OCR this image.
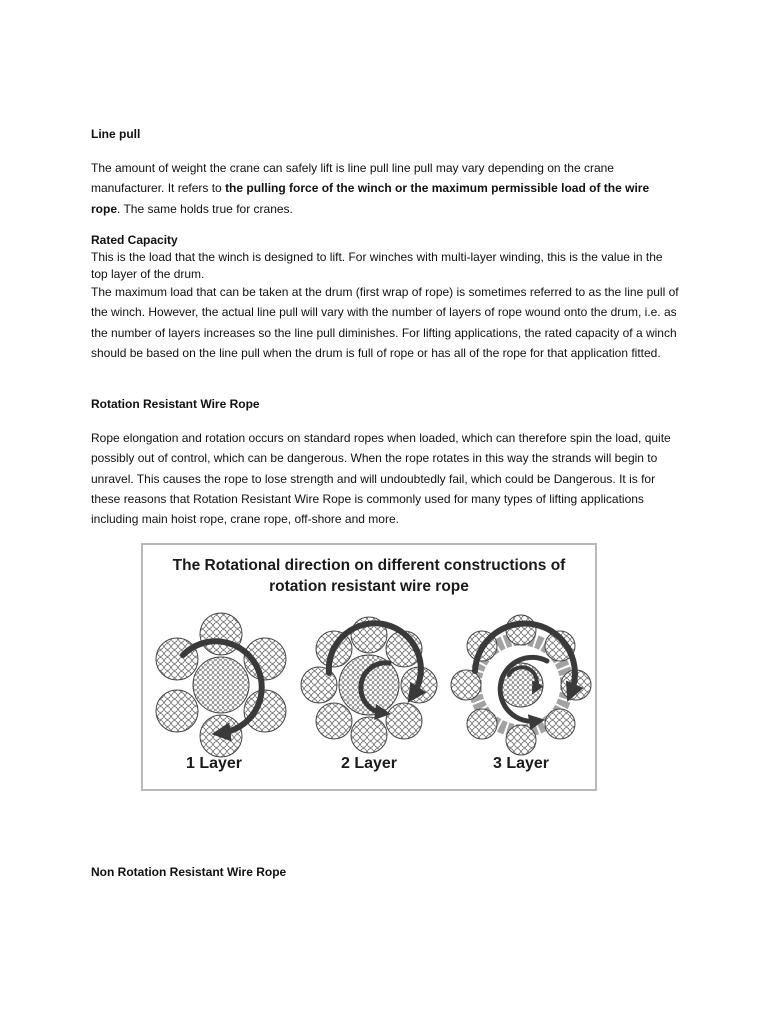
Line pull
The amount of weight the crane can safely lift is line pull line pull may vary depending on the crane manufacturer. It refers to the pulling force of the winch or the maximum permissible load of the wire rope. The same holds true for cranes.
Rated Capacity
This is the load that the winch is designed to lift. For winches with multi-layer winding, this is the value in the top layer of the drum.
The maximum load that can be taken at the drum (first wrap of rope) is sometimes referred to as the line pull of the winch. However, the actual line pull will vary with the number of layers of rope wound onto the drum, i.e. as the number of layers increases so the line pull diminishes. For lifting applications, the rated capacity of a winch should be based on the line pull when the drum is full of rope or has all of the rope for that application fitted.
Rotation Resistant Wire Rope
Rope elongation and rotation occurs on standard ropes when loaded, which can therefore spin the load, quite possibly out of control, which can be dangerous. When the rope rotates in this way the strands will begin to unravel. This causes the rope to lose strength and will undoubtedly fail, which could be Dangerous. It is for these reasons that Rotation Resistant Wire Rope is commonly used for many types of lifting applications including main hoist rope, crane rope, off-shore and more.
Non Rotation Resistant Wire Rope
The Rotational direction on different constructions of
rotation resistant wire rope
1 Layer	2 Layer	3 Layer
